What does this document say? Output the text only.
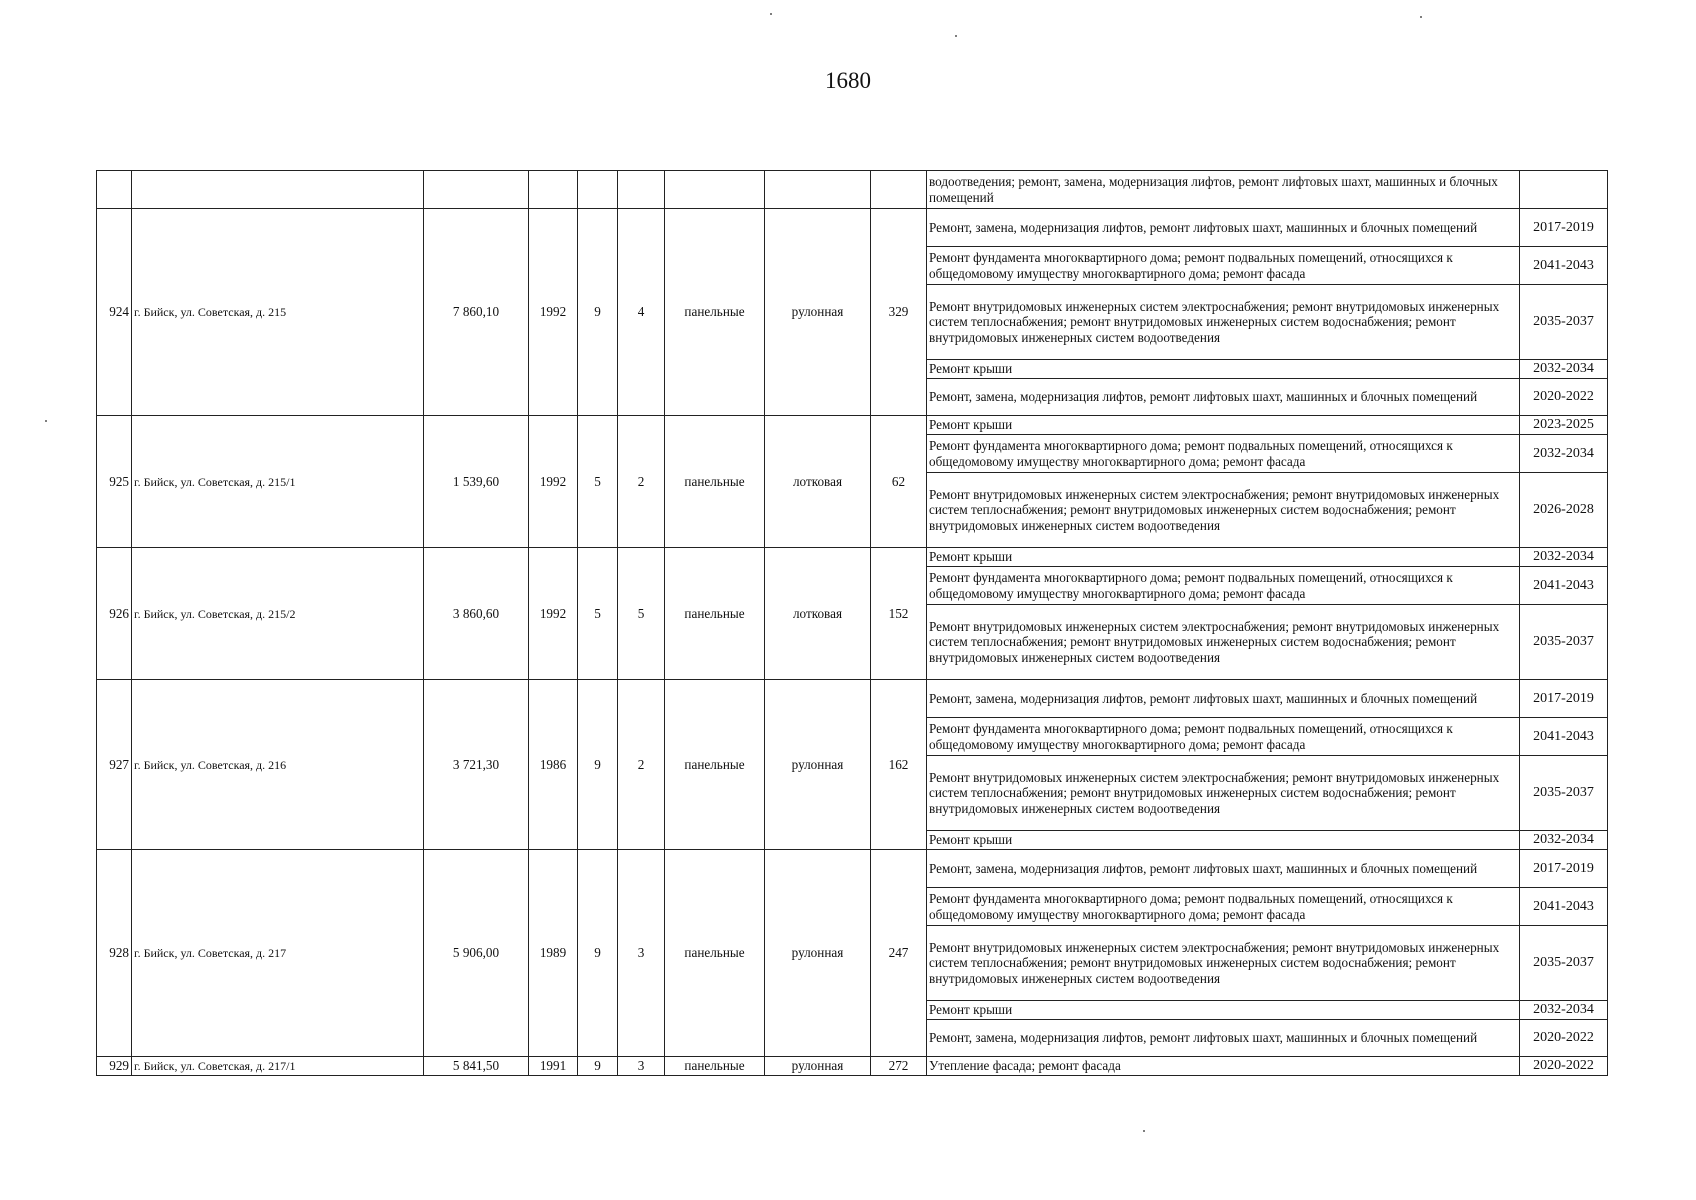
1680
									водоотведения; ремонт, замена, модернизация лифтов, ремонт лифтовых шахт, машинных и блочных помещений	
924	г. Бийск, ул. Советская, д. 215	7 860,10	1992	9	4	панельные	рулонная	329	Ремонт, замена, модернизация лифтов, ремонт лифтовых шахт, машинных и блочных помещений	2017-2019
									Ремонт фундамента многоквартирного дома; ремонт подвальных помещений, относящихся к общедомовому имуществу многоквартирного дома; ремонт фасада	2041-2043
									Ремонт внутридомовых инженерных систем электроснабжения; ремонт внутридомовых инженерных систем теплоснабжения; ремонт внутридомовых инженерных систем водоснабжения; ремонт внутридомовых инженерных систем водоотведения	2035-2037
									Ремонт крыши	2032-2034
									Ремонт, замена, модернизация лифтов, ремонт лифтовых шахт, машинных и блочных помещений	2020-2022
925	г. Бийск, ул. Советская, д. 215/1	1 539,60	1992	5	2	панельные	лотковая	62	Ремонт крыши	2023-2025
									Ремонт фундамента многоквартирного дома; ремонт подвальных помещений, относящихся к общедомовому имуществу многоквартирного дома; ремонт фасада	2032-2034
									Ремонт внутридомовых инженерных систем электроснабжения; ремонт внутридомовых инженерных систем теплоснабжения; ремонт внутридомовых инженерных систем водоснабжения; ремонт внутридомовых инженерных систем водоотведения	2026-2028
926	г. Бийск, ул. Советская, д. 215/2	3 860,60	1992	5	5	панельные	лотковая	152	Ремонт крыши	2032-2034
									Ремонт фундамента многоквартирного дома; ремонт подвальных помещений, относящихся к общедомовому имуществу многоквартирного дома; ремонт фасада	2041-2043
									Ремонт внутридомовых инженерных систем электроснабжения; ремонт внутридомовых инженерных систем теплоснабжения; ремонт внутридомовых инженерных систем водоснабжения; ремонт внутридомовых инженерных систем водоотведения	2035-2037
927	г. Бийск, ул. Советская, д. 216	3 721,30	1986	9	2	панельные	рулонная	162	Ремонт, замена, модернизация лифтов, ремонт лифтовых шахт, машинных и блочных помещений	2017-2019
									Ремонт фундамента многоквартирного дома; ремонт подвальных помещений, относящихся к общедомовому имуществу многоквартирного дома; ремонт фасада	2041-2043
									Ремонт внутридомовых инженерных систем электроснабжения; ремонт внутридомовых инженерных систем теплоснабжения; ремонт внутридомовых инженерных систем водоснабжения; ремонт внутридомовых инженерных систем водоотведения	2035-2037
									Ремонт крыши	2032-2034
928	г. Бийск, ул. Советская, д. 217	5 906,00	1989	9	3	панельные	рулонная	247	Ремонт, замена, модернизация лифтов, ремонт лифтовых шахт, машинных и блочных помещений	2017-2019
									Ремонт фундамента многоквартирного дома; ремонт подвальных помещений, относящихся к общедомовому имуществу многоквартирного дома; ремонт фасада	2041-2043
									Ремонт внутридомовых инженерных систем электроснабжения; ремонт внутридомовых инженерных систем теплоснабжения; ремонт внутридомовых инженерных систем водоснабжения; ремонт внутридомовых инженерных систем водоотведения	2035-2037
									Ремонт крыши	2032-2034
									Ремонт, замена, модернизация лифтов, ремонт лифтовых шахт, машинных и блочных помещений	2020-2022
929	г. Бийск, ул. Советская, д. 217/1	5 841,50	1991	9	3	панельные	рулонная	272	Утепление фасада; ремонт фасада	2020-2022
